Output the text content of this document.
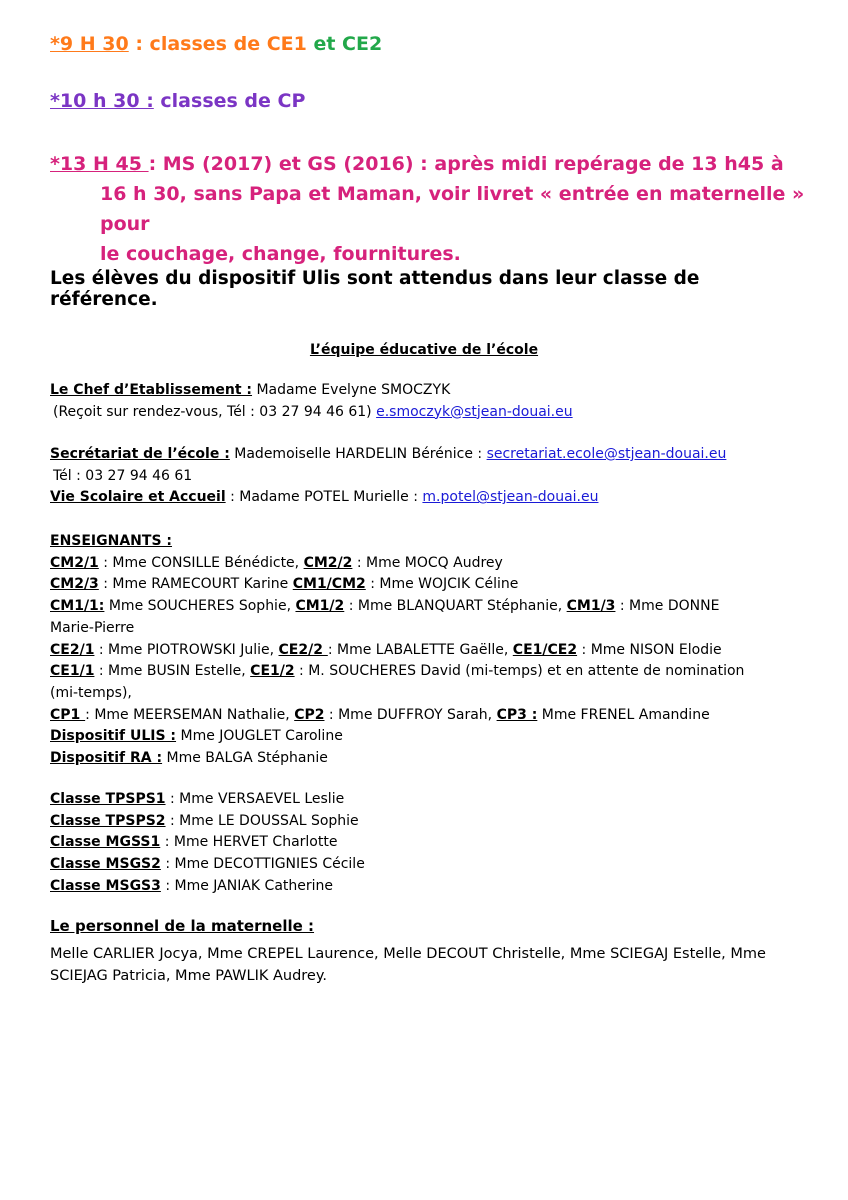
*9 H 30 : classes de CE1 et CE2
*10 h 30 : classes de CP
*13 H 45 : MS (2017) et GS (2016) : après midi repérage de 13 h45 à
16 h 30, sans Papa et Maman, voir livret « entrée en maternelle » pour
le couchage, change, fournitures.
Les élèves du dispositif Ulis sont attendus dans leur classe de référence.
L’équipe éducative de l’école
Le Chef d’Etablissement : Madame Evelyne SMOCZYK
(Reçoit sur rendez-vous, Tél : 03 27 94 46 61) e.smoczyk@stjean-douai.eu
Secrétariat de l’école : Mademoiselle HARDELIN Bérénice : secretariat.ecole@stjean-douai.eu
Tél : 03 27 94 46 61
Vie Scolaire et Accueil : Madame POTEL Murielle : m.potel@stjean-douai.eu
ENSEIGNANTS :
CM2/1 : Mme CONSILLE Bénédicte, CM2/2 : Mme MOCQ Audrey
CM2/3 : Mme RAMECOURT Karine CM1/CM2 : Mme WOJCIK Céline
CM1/1: Mme SOUCHERES Sophie, CM1/2 : Mme BLANQUART Stéphanie, CM1/3 : Mme DONNE
Marie-Pierre
CE2/1 : Mme PIOTROWSKI Julie, CE2/2 : Mme LABALETTE Gaëlle, CE1/CE2 : Mme NISON Elodie
CE1/1 : Mme BUSIN Estelle, CE1/2 : M. SOUCHERES David (mi-temps) et en attente de nomination
(mi-temps),
CP1 : Mme MEERSEMAN Nathalie, CP2 : Mme DUFFROY Sarah, CP3 : Mme FRENEL Amandine
Dispositif ULIS : Mme JOUGLET Caroline
Dispositif RA : Mme BALGA Stéphanie
Classe TPSPS1 : Mme VERSAEVEL Leslie
Classe TPSPS2 : Mme LE DOUSSAL Sophie
Classe MGSS1 : Mme HERVET Charlotte
Classe MSGS2 : Mme DECOTTIGNIES Cécile
Classe MSGS3 : Mme JANIAK Catherine
Le personnel de la maternelle :
Melle CARLIER Jocya, Mme CREPEL Laurence, Melle DECOUT Christelle, Mme SCIEGAJ Estelle, Mme SCIEJAG Patricia, Mme PAWLIK Audrey.
